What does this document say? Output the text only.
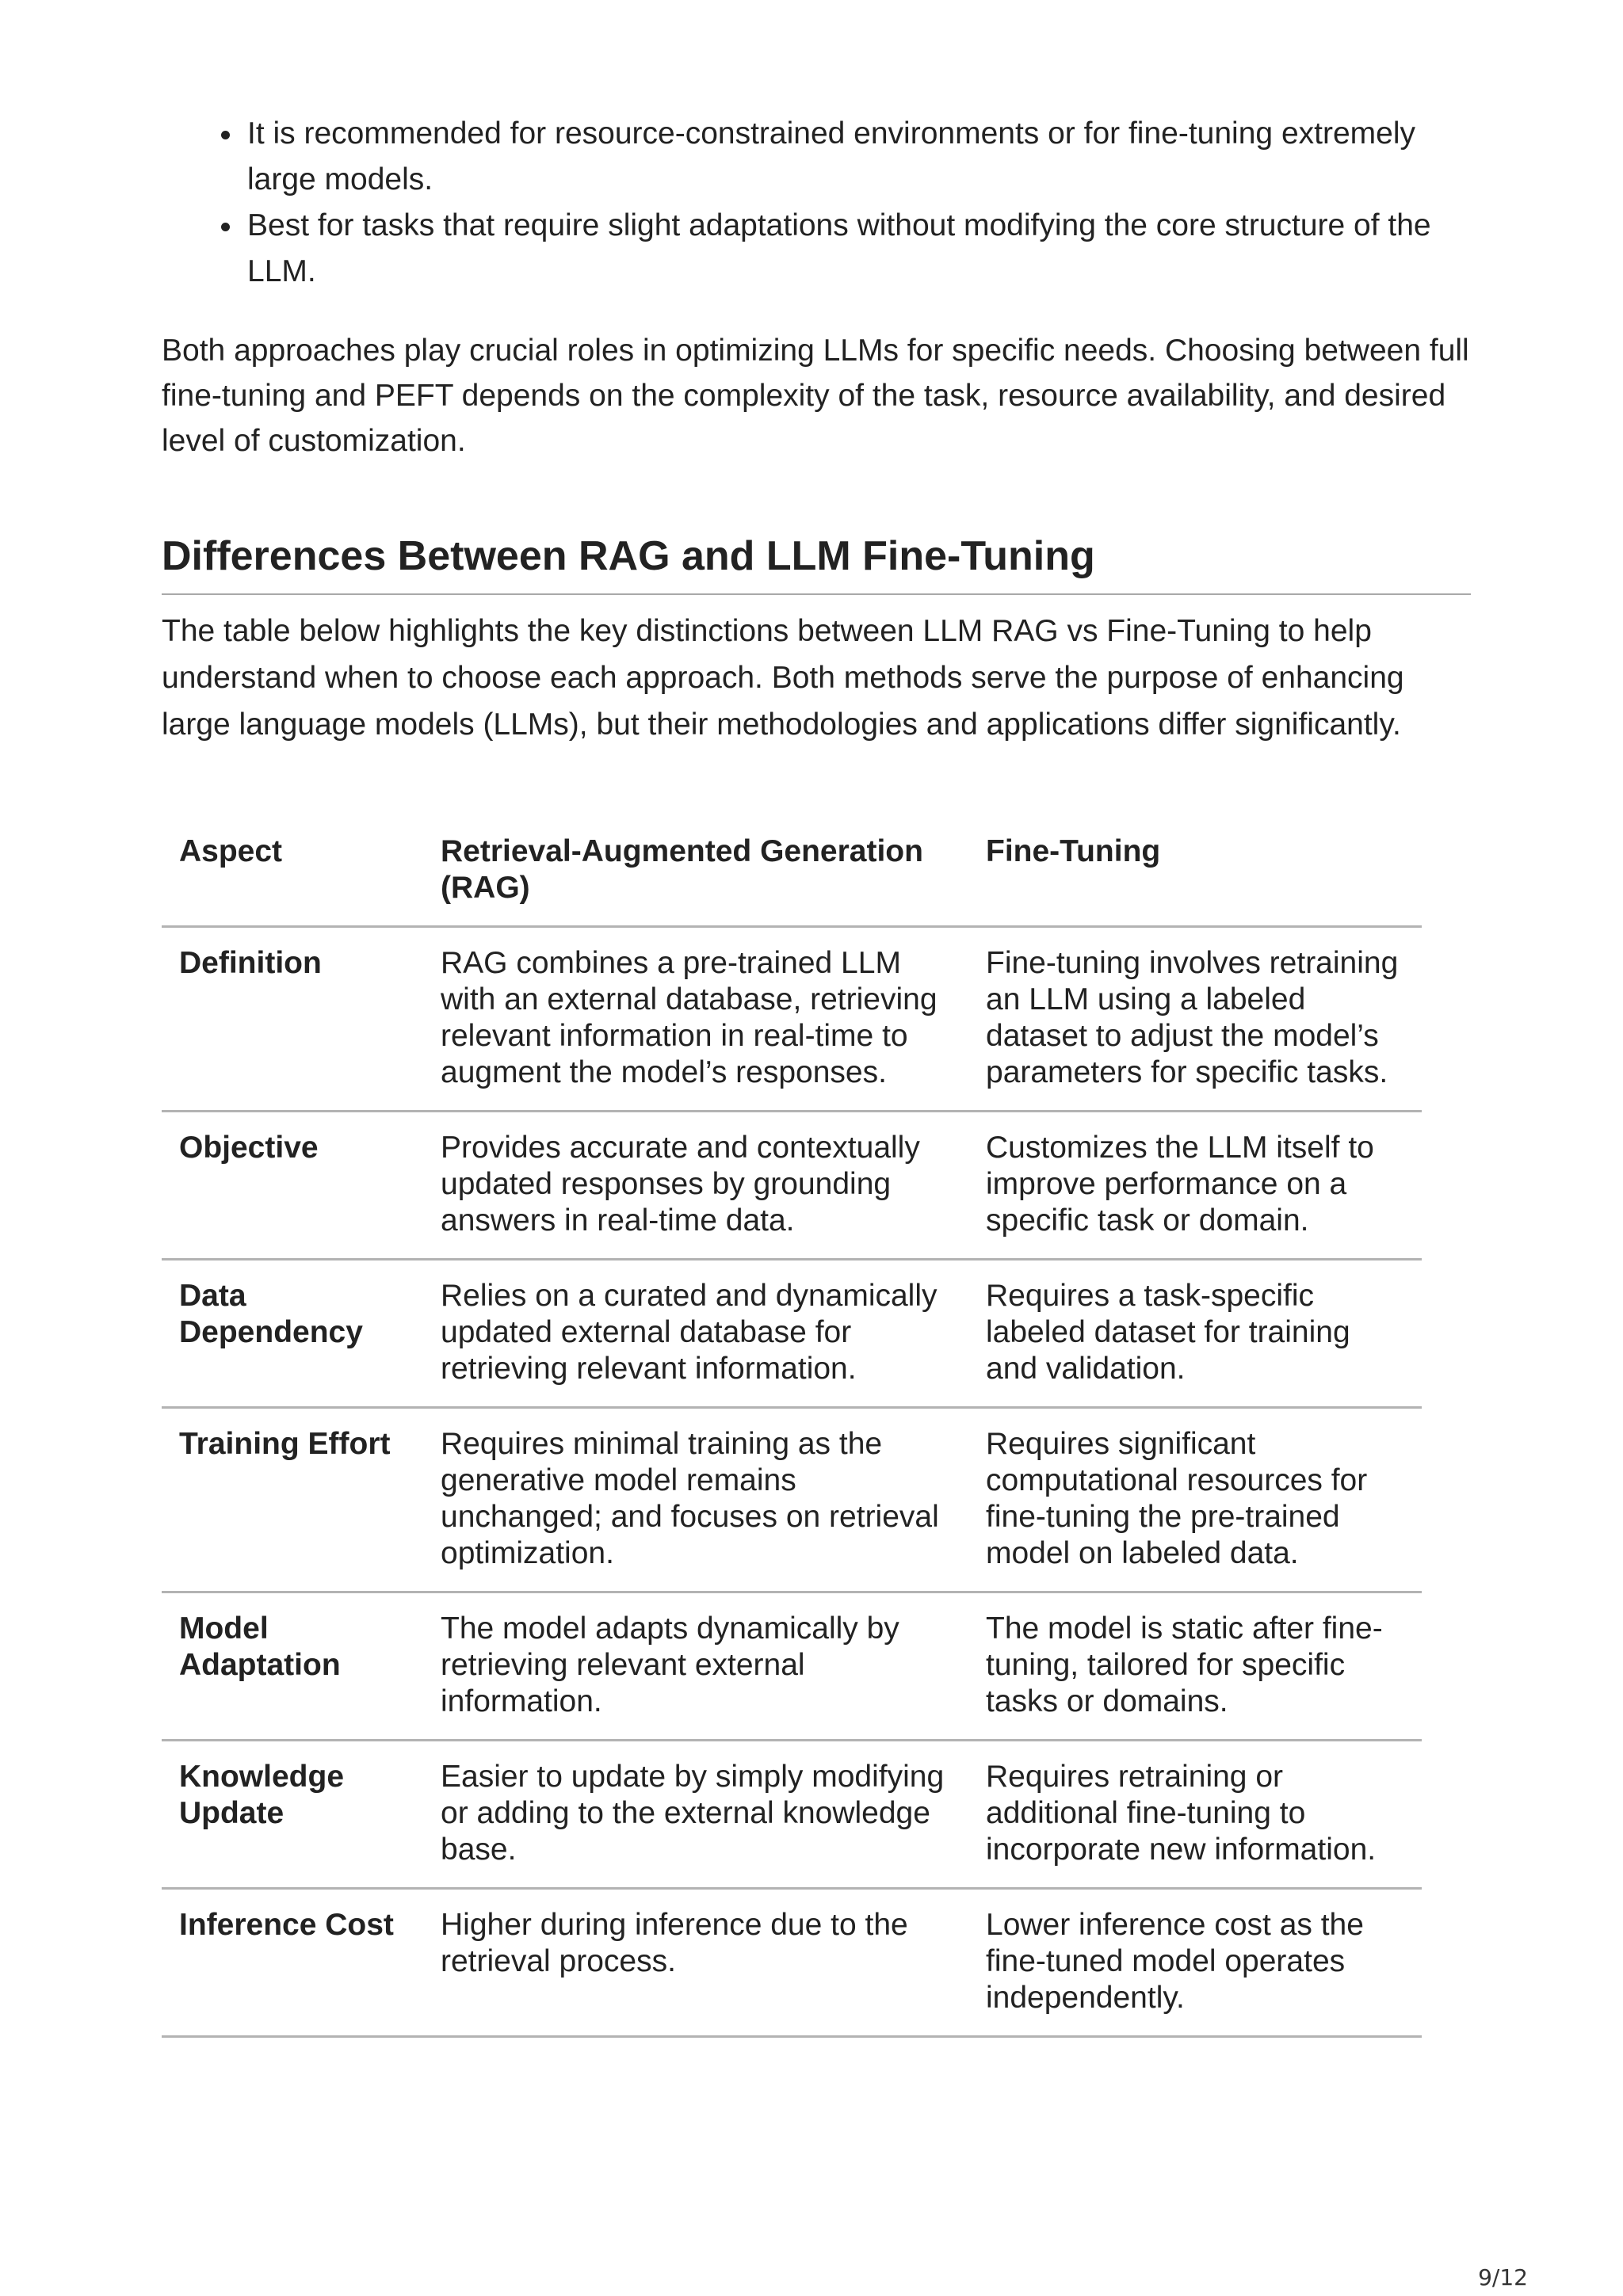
• It is recommended for resource-constrained environments or for fine-tuning extremely large models.
• Best for tasks that require slight adaptations without modifying the core structure of the LLM.

Both approaches play crucial roles in optimizing LLMs for specific needs. Choosing between full fine-tuning and PEFT depends on the complexity of the task, resource availability, and desired level of customization.

Differences Between RAG and LLM Fine-Tuning

The table below highlights the key distinctions between LLM RAG vs Fine-Tuning to help understand when to choose each approach. Both methods serve the purpose of enhancing large language models (LLMs), but their methodologies and applications differ significantly.

Aspect	Retrieval-Augmented Generation (RAG)	Fine-Tuning
Definition	RAG combines a pre-trained LLM with an external database, retrieving relevant information in real-time to augment the model’s responses.	Fine-tuning involves retraining an LLM using a labeled dataset to adjust the model’s parameters for specific tasks.
Objective	Provides accurate and contextually updated responses by grounding answers in real-time data.	Customizes the LLM itself to improve performance on a specific task or domain.
Data Dependency	Relies on a curated and dynamically updated external database for retrieving relevant information.	Requires a task-specific labeled dataset for training and validation.
Training Effort	Requires minimal training as the generative model remains unchanged; and focuses on retrieval optimization.	Requires significant computational resources for fine-tuning the pre-trained model on labeled data.
Model Adaptation	The model adapts dynamically by retrieving relevant external information.	The model is static after fine-tuning, tailored for specific tasks or domains.
Knowledge Update	Easier to update by simply modifying or adding to the external knowledge base.	Requires retraining or additional fine-tuning to incorporate new information.
Inference Cost	Higher during inference due to the retrieval process.	Lower inference cost as the fine-tuned model operates independently.
9/12
